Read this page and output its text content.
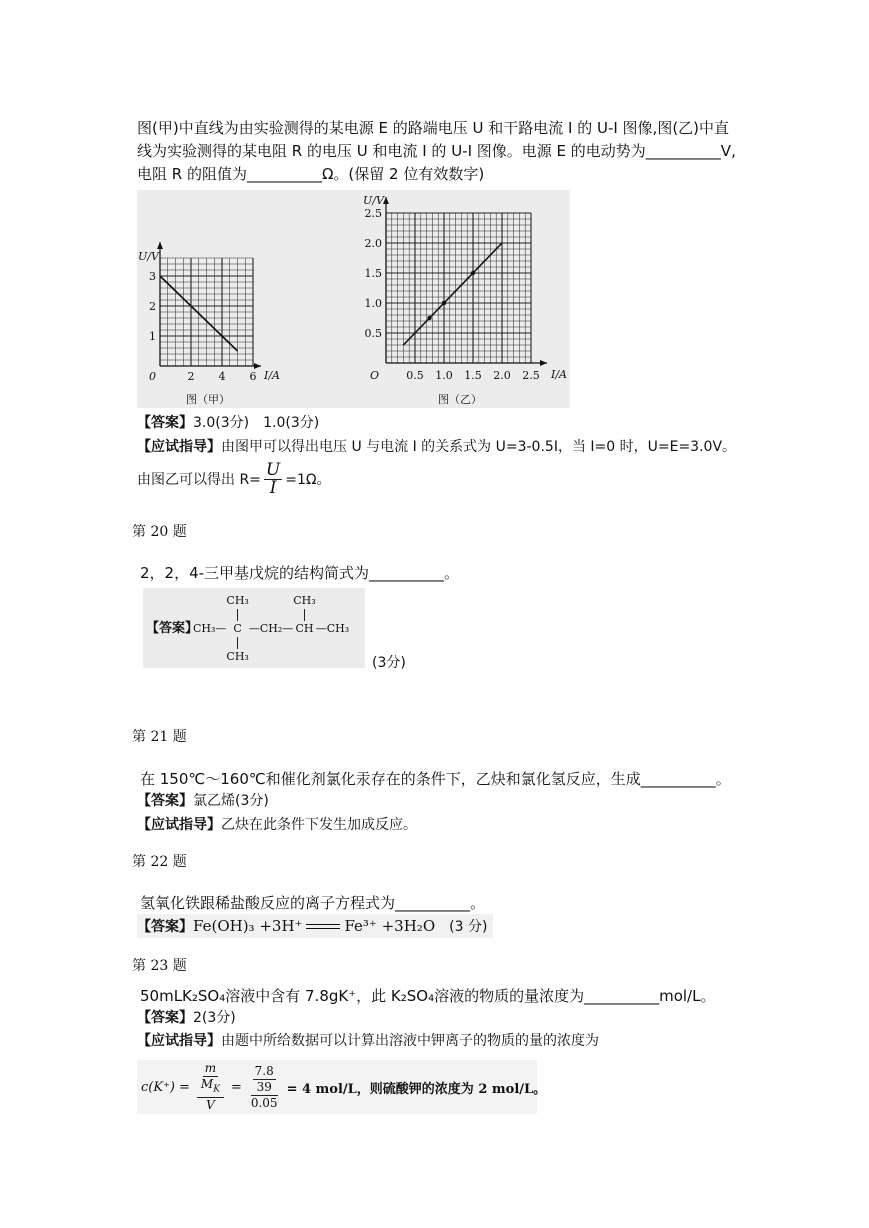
图(甲)中直线为由实验测得的某电源 E 的路端电压 U 和干路电流 I 的 U-I 图像,图(乙)中直
线为实验测得的某电阻 R 的电压 U 和电流 I 的 U-I 图像。电源 E 的电动势为__________V,
电阻 R 的阻值为__________Ω。(保留 2 位有效数字)
1
2
3
2 4 6
0
U/V
I/A
图（甲）
0.5
1.0
1.5
2.0
2.5
0.5 1.0 1.5 2.0 2.5
O
U/V
I/A
图（乙）
【答案】3.0(3分)　1.0(3分)
【应试指导】由图甲可以得出电压 U 与电流 I 的关系式为 U=3-0.5I，当 I=0 时，U=E=3.0V。
由图乙可以得出 $R= \frac{U}{I} =1\Omega$。
第 20 题
2，2，4-三甲基戊烷的结构简式为__________。
【答案】
CH₃—
CH₃
C
CH₃
—CH₂—
CH₃
CH —CH₃
(3分)
第 21 题
在 150℃～160℃和催化剂氯化汞存在的条件下，乙炔和氯化氢反应，生成__________。
【答案】氯乙烯(3分)
【应试指导】乙炔在此条件下发生加成反应。
第 22 题
氢氧化铁跟稀盐酸反应的离子方程式为__________。
【答案】 Fe(OH)₃ +3H⁺	Fe³⁺ +3H₂O (3 分)
第 23 题
50mLK₂SO₄溶液中含有 7.8gK⁺，此 K₂SO₄溶液的物质的量浓度为__________mol/L。
【答案】2(3分)
【应试指导】由题中所给数据可以计算出溶液中钾离子的物质的量的浓度为
$c(K^+) = \frac{\frac{m}{M_K}}{V} = \frac{\frac{7.8}{39}}{0.05} = 4$ mol/L，则硫酸钾的浓度为 2 mol/L。
